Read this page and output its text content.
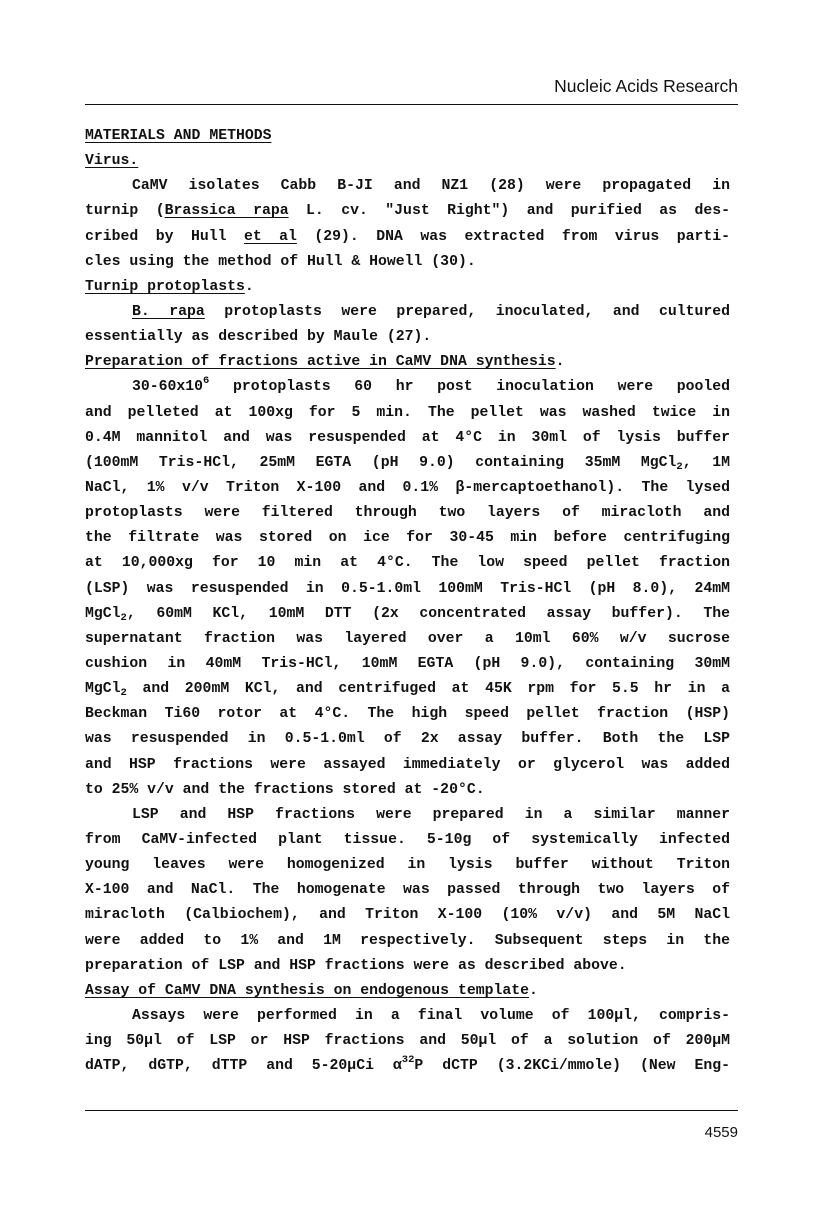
Nucleic Acids Research
MATERIALS AND METHODS
Virus.
CaMV isolates Cabb B-JI and NZ1 (28) were propagated in
turnip (Brassica rapa L. cv. "Just Right") and purified as des-
cribed by Hull et al (29). DNA was extracted from virus parti-
cles using the method of Hull & Howell (30).
Turnip protoplasts.
B. rapa protoplasts were prepared, inoculated, and cultured
essentially as described by Maule (27).
Preparation of fractions active in CaMV DNA synthesis.
$30-60x10^6$ protoplasts 60 hr post inoculation were pooled
and pelleted at 100xg for 5 min. The pellet was washed twice in
0.4M mannitol and was resuspended at 4°C in 30ml of lysis buffer
(100mM Tris-HCl, 25mM EGTA (pH 9.0) containing 35mM MgCl$_2$, 1M
NaCl, 1% v/v Triton X-100 and 0.1% β-mercaptoethanol). The lysed
protoplasts were filtered through two layers of miracloth and
the filtrate was stored on ice for 30-45 min before centrifuging
at 10,000xg for 10 min at 4°C. The low speed pellet fraction
(LSP) was resuspended in 0.5-1.0ml 100mM Tris-HCl (pH 8.0), 24mM
MgCl$_2$, 60mM KCl, 10mM DTT (2x concentrated assay buffer). The
supernatant fraction was layered over a 10ml 60% w/v sucrose
cushion in 40mM Tris-HCl, 10mM EGTA (pH 9.0), containing 30mM
MgCl$_2$ and 200mM KCl, and centrifuged at 45K rpm for 5.5 hr in a
Beckman Ti60 rotor at 4°C. The high speed pellet fraction (HSP)
was resuspended in 0.5-1.0ml of 2x assay buffer. Both the LSP
and HSP fractions were assayed immediately or glycerol was added
to 25% v/v and the fractions stored at -20°C.
LSP and HSP fractions were prepared in a similar manner
from CaMV-infected plant tissue. 5-10g of systemically infected
young leaves were homogenized in lysis buffer without Triton
X-100 and NaCl. The homogenate was passed through two layers of
miracloth (Calbiochem), and Triton X-100 (10% v/v) and 5M NaCl
were added to 1% and 1M respectively. Subsequent steps in the
preparation of LSP and HSP fractions were as described above.
Assay of CaMV DNA synthesis on endogenous template.
Assays were performed in a final volume of 100µl, compris-
ing 50µl of LSP or HSP fractions and 50µl of a solution of 200µM
dATP, dGTP, dTTP and 5-20µCi $\alpha^{32}P$ dCTP (3.2KCi/mmole) (New Eng-
4559
